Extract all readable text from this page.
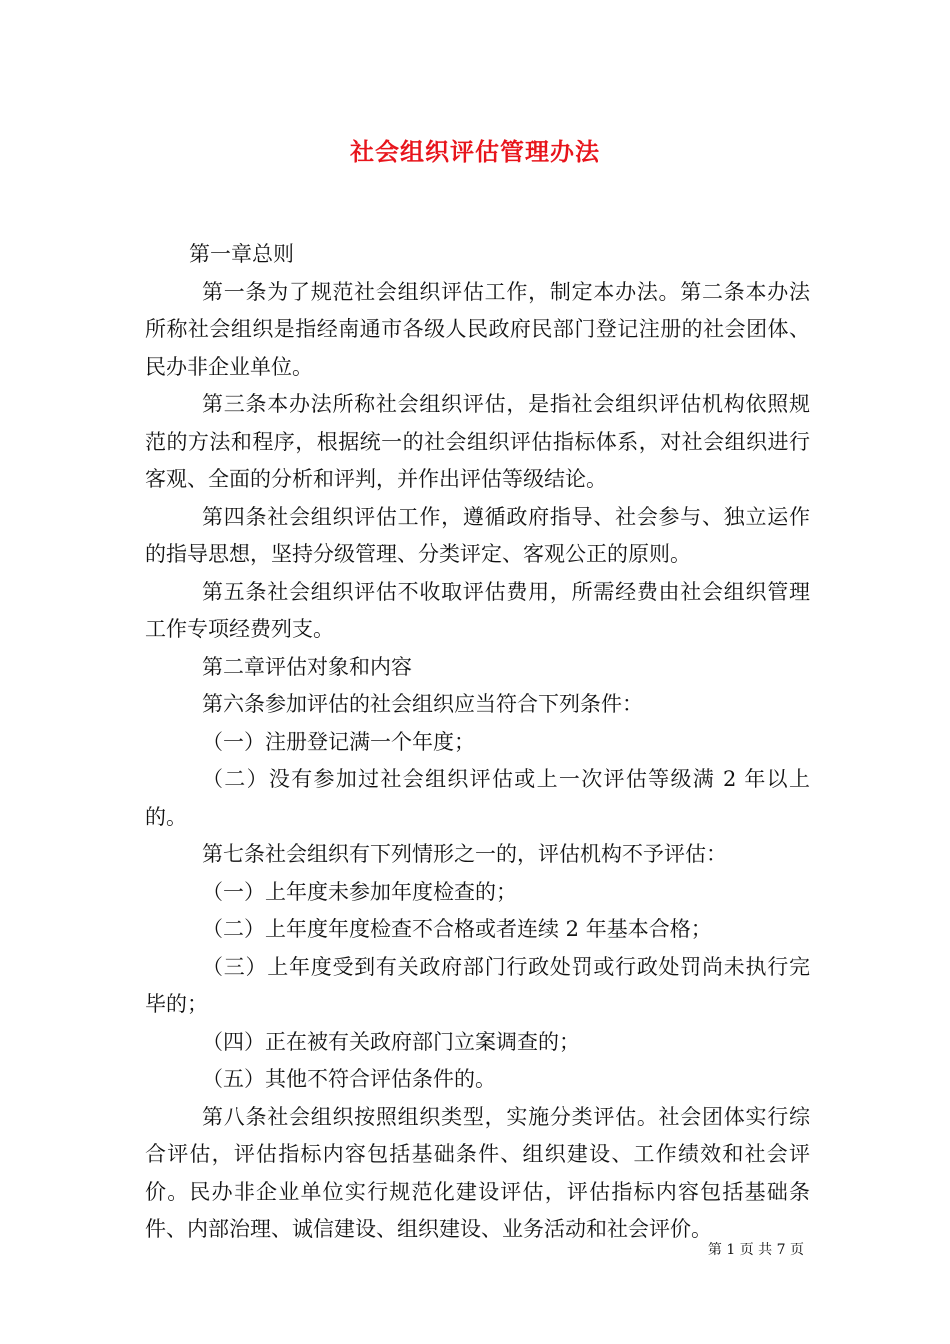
社会组织评估管理办法

第一章总则

第一条为了规范社会组织评估工作，制定本办法。第二条本办法所称社会组织是指经南通市各级人民政府民部门登记注册的社会团体、民办非企业单位。

第三条本办法所称社会组织评估，是指社会组织评估机构依照规范的方法和程序，根据统一的社会组织评估指标体系，对社会组织进行客观、全面的分析和评判，并作出评估等级结论。

第四条社会组织评估工作，遵循政府指导、社会参与、独立运作的指导思想，坚持分级管理、分类评定、客观公正的原则。

第五条社会组织评估不收取评估费用，所需经费由社会组织管理工作专项经费列支。

第二章评估对象和内容

第六条参加评估的社会组织应当符合下列条件：

（一）注册登记满一个年度；

（二）没有参加过社会组织评估或上一次评估等级满 2 年以上的。

第七条社会组织有下列情形之一的，评估机构不予评估：

（一）上年度未参加年度检查的；

（二）上年度年度检查不合格或者连续 2 年基本合格；

（三）上年度受到有关政府部门行政处罚或行政处罚尚未执行完毕的；

（四）正在被有关政府部门立案调查的；

（五）其他不符合评估条件的。

第八条社会组织按照组织类型，实施分类评估。社会团体实行综合评估，评估指标内容包括基础条件、组织建设、工作绩效和社会评价。民办非企业单位实行规范化建设评估，评估指标内容包括基础条件、内部治理、诚信建设、组织建设、业务活动和社会评价。

第 1 页 共 7 页
